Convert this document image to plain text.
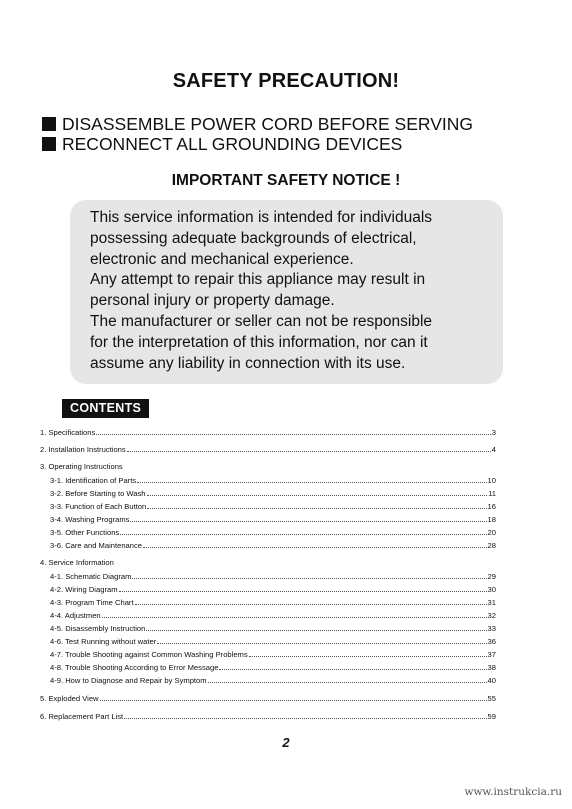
SAFETY PRECAUTION!
DISASSEMBLE POWER CORD BEFORE SERVING
RECONNECT ALL GROUNDING DEVICES
IMPORTANT SAFETY NOTICE !
This service information is intended for individuals
possessing adequate backgrounds of electrical,
electronic and mechanical experience.
Any attempt to repair this appliance may result in
personal injury or property damage.
The manufacturer or seller can not be responsible
for the interpretation of this information, nor can it
assume any liability in connection with its use.
CONTENTS
1. Specifications	3
2. Installation Instructions	4
3. Operating Instructions
3-1. Identification of Parts	10
3-2. Before Starting to Wash	11
3-3. Function of Each Button	16
3-4. Washing Programs	18
3-5. Other Functions	20
3-6. Care and Maintenance	28
4. Service Information
4-1. Schematic Diagram	29
4-2. Wiring Diagram	30
4-3. Program Time Chart	31
4-4. Adjustmen	32
4-5. Disassembly Instruction	33
4-6. Test Running without water	36
4-7. Trouble Shooting against Common Washing Problems	37
4-8. Trouble Shooting According to Error Message	38
4-9. How to Diagnose and Repair by Symptom	40
5. Exploded View	55
6. Replacement Part List	59
2
www.instrukcia.ru
